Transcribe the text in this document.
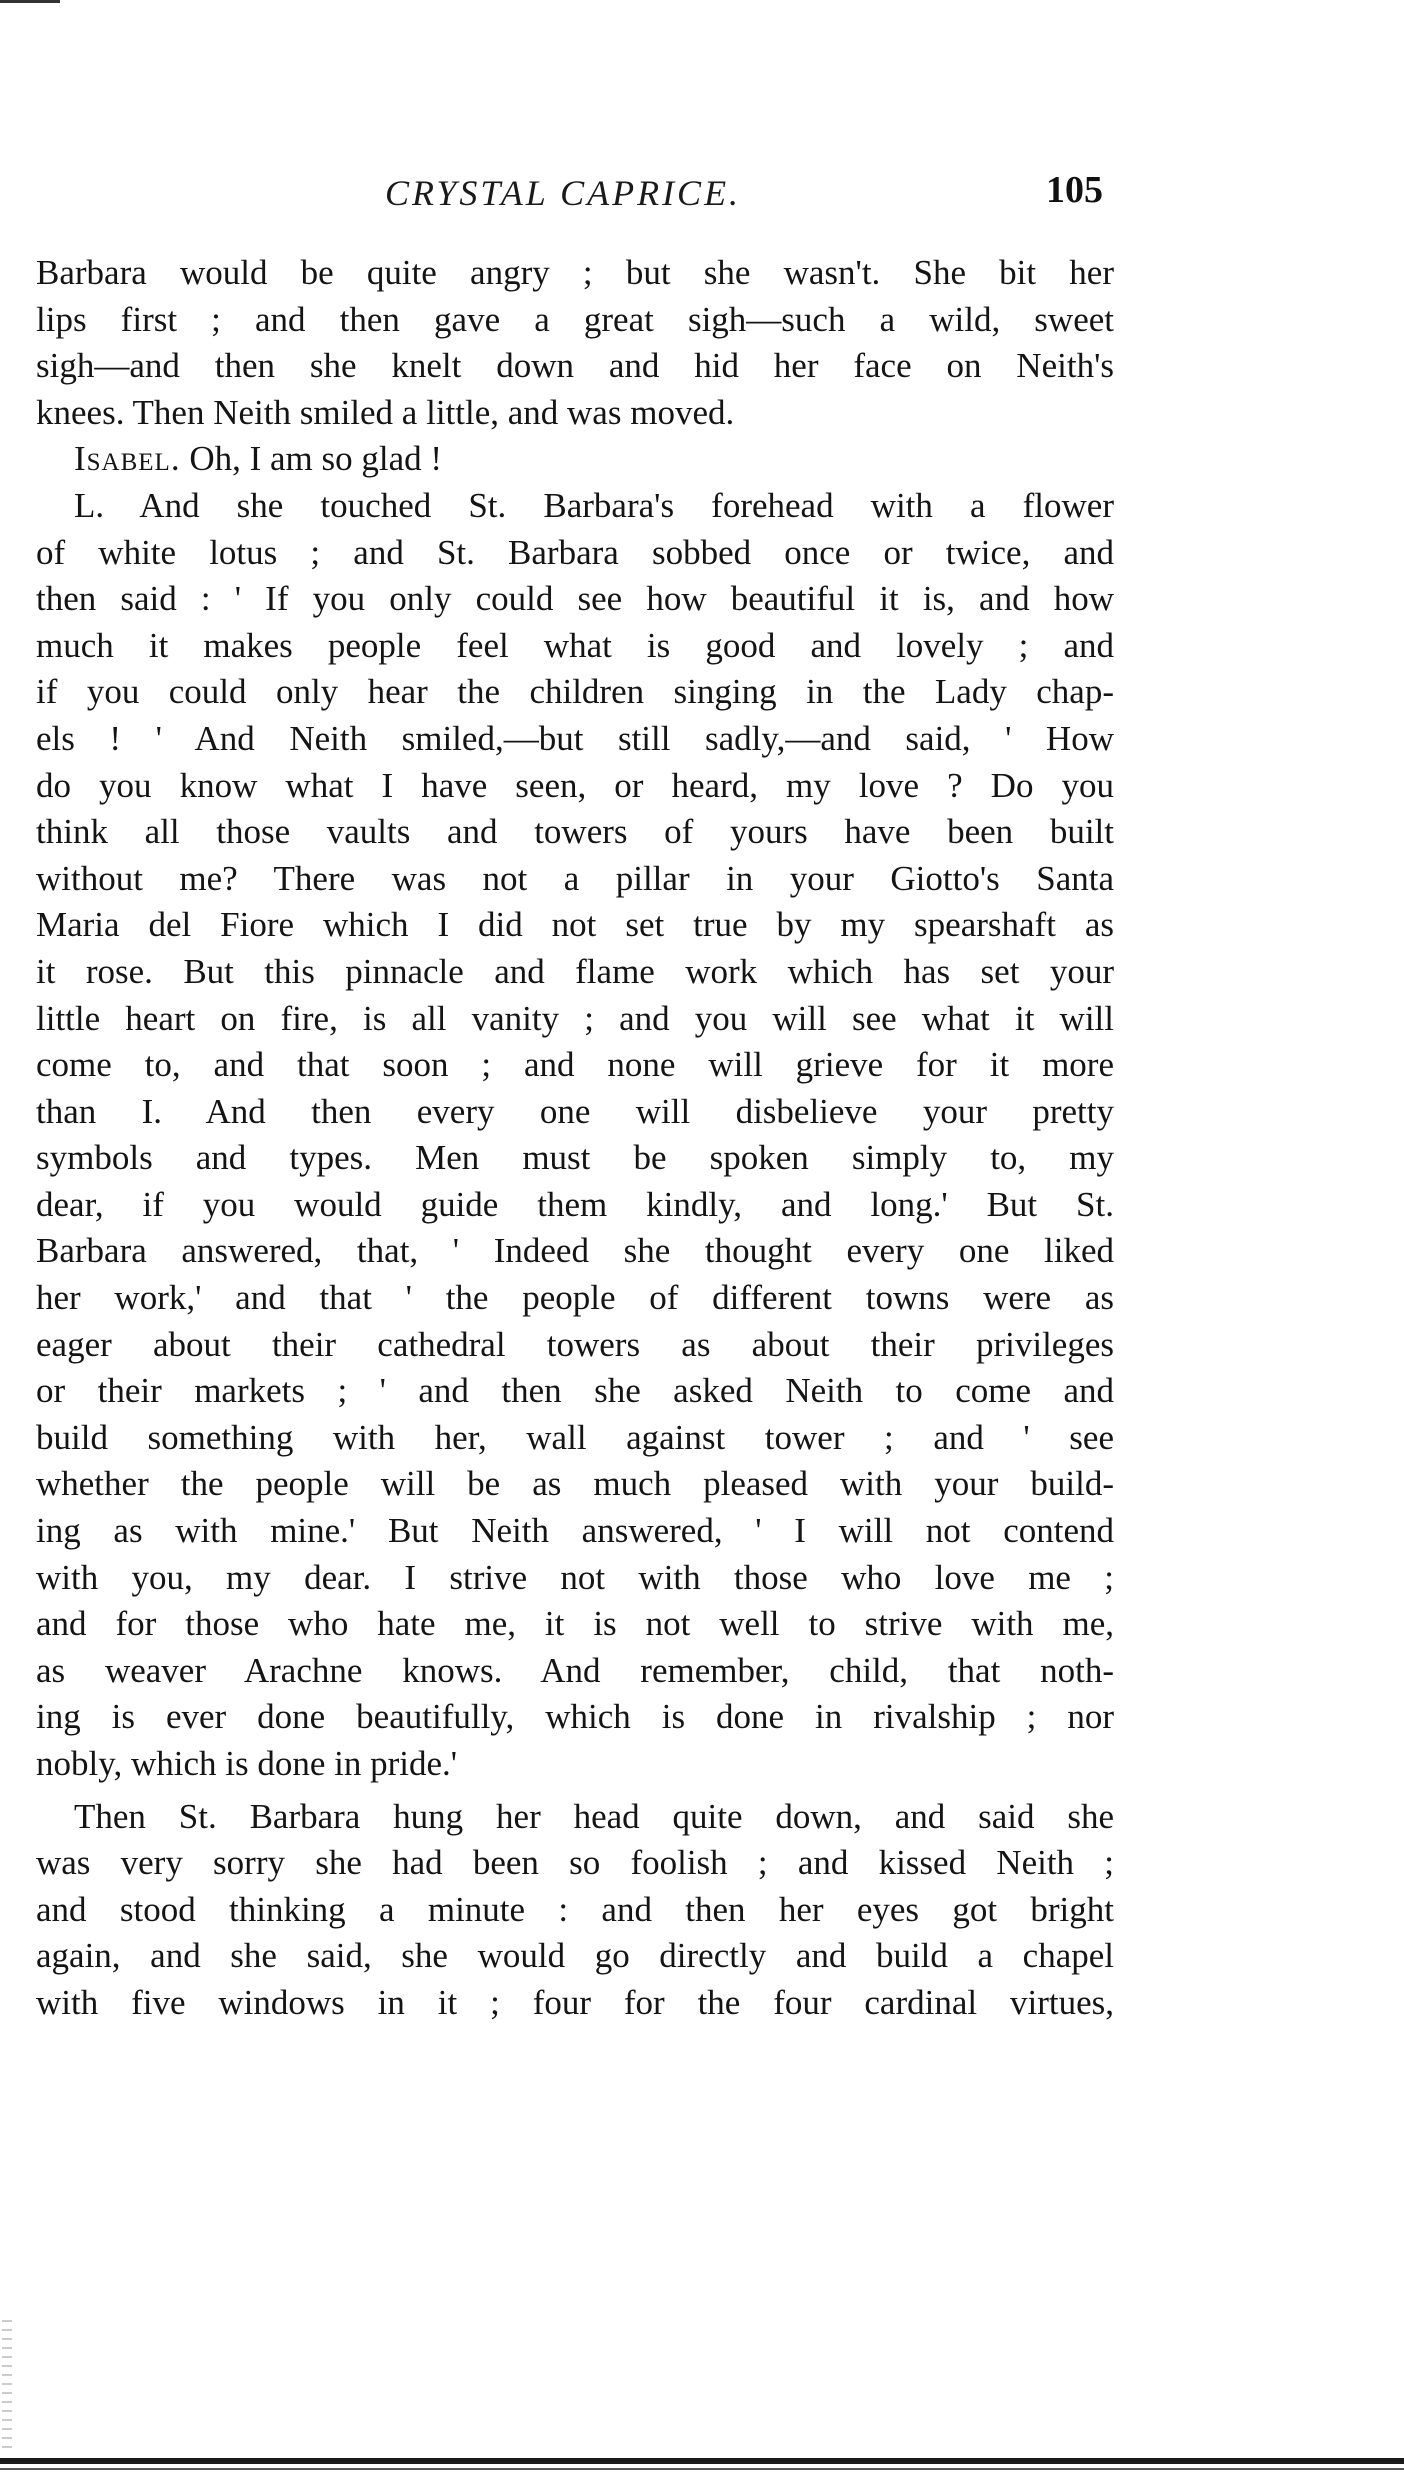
CRYSTAL CAPRICE.	105
Barbara would be quite angry ; but she wasn't. She bit her
lips first ; and then gave a great sigh—such a wild, sweet
sigh—and then she knelt down and hid her face on Neith's
knees. Then Neith smiled a little, and was moved.
Isabel. Oh, I am so glad !
L. And she touched St. Barbara's forehead with a flower
of white lotus ; and St. Barbara sobbed once or twice, and
then said : ' If you only could see how beautiful it is, and how
much it makes people feel what is good and lovely ; and
if you could only hear the children singing in the Lady chap-
els ! ' And Neith smiled,—but still sadly,—and said, ' How
do you know what I have seen, or heard, my love ? Do you
think all those vaults and towers of yours have been built
without me? There was not a pillar in your Giotto's Santa
Maria del Fiore which I did not set true by my spearshaft as
it rose. But this pinnacle and flame work which has set your
little heart on fire, is all vanity ; and you will see what it will
come to, and that soon ; and none will grieve for it more
than I. And then every one will disbelieve your pretty
symbols and types. Men must be spoken simply to, my
dear, if you would guide them kindly, and long.' But St.
Barbara answered, that, ' Indeed she thought every one liked
her work,' and that ' the people of different towns were as
eager about their cathedral towers as about their privileges
or their markets ; ' and then she asked Neith to come and
build something with her, wall against tower ; and ' see
whether the people will be as much pleased with your build-
ing as with mine.' But Neith answered, ' I will not contend
with you, my dear. I strive not with those who love me ;
and for those who hate me, it is not well to strive with me,
as weaver Arachne knows. And remember, child, that noth-
ing is ever done beautifully, which is done in rivalship ; nor
nobly, which is done in pride.'
Then St. Barbara hung her head quite down, and said she
was very sorry she had been so foolish ; and kissed Neith ;
and stood thinking a minute : and then her eyes got bright
again, and she said, she would go directly and build a chapel
with five windows in it ; four for the four cardinal virtues,
